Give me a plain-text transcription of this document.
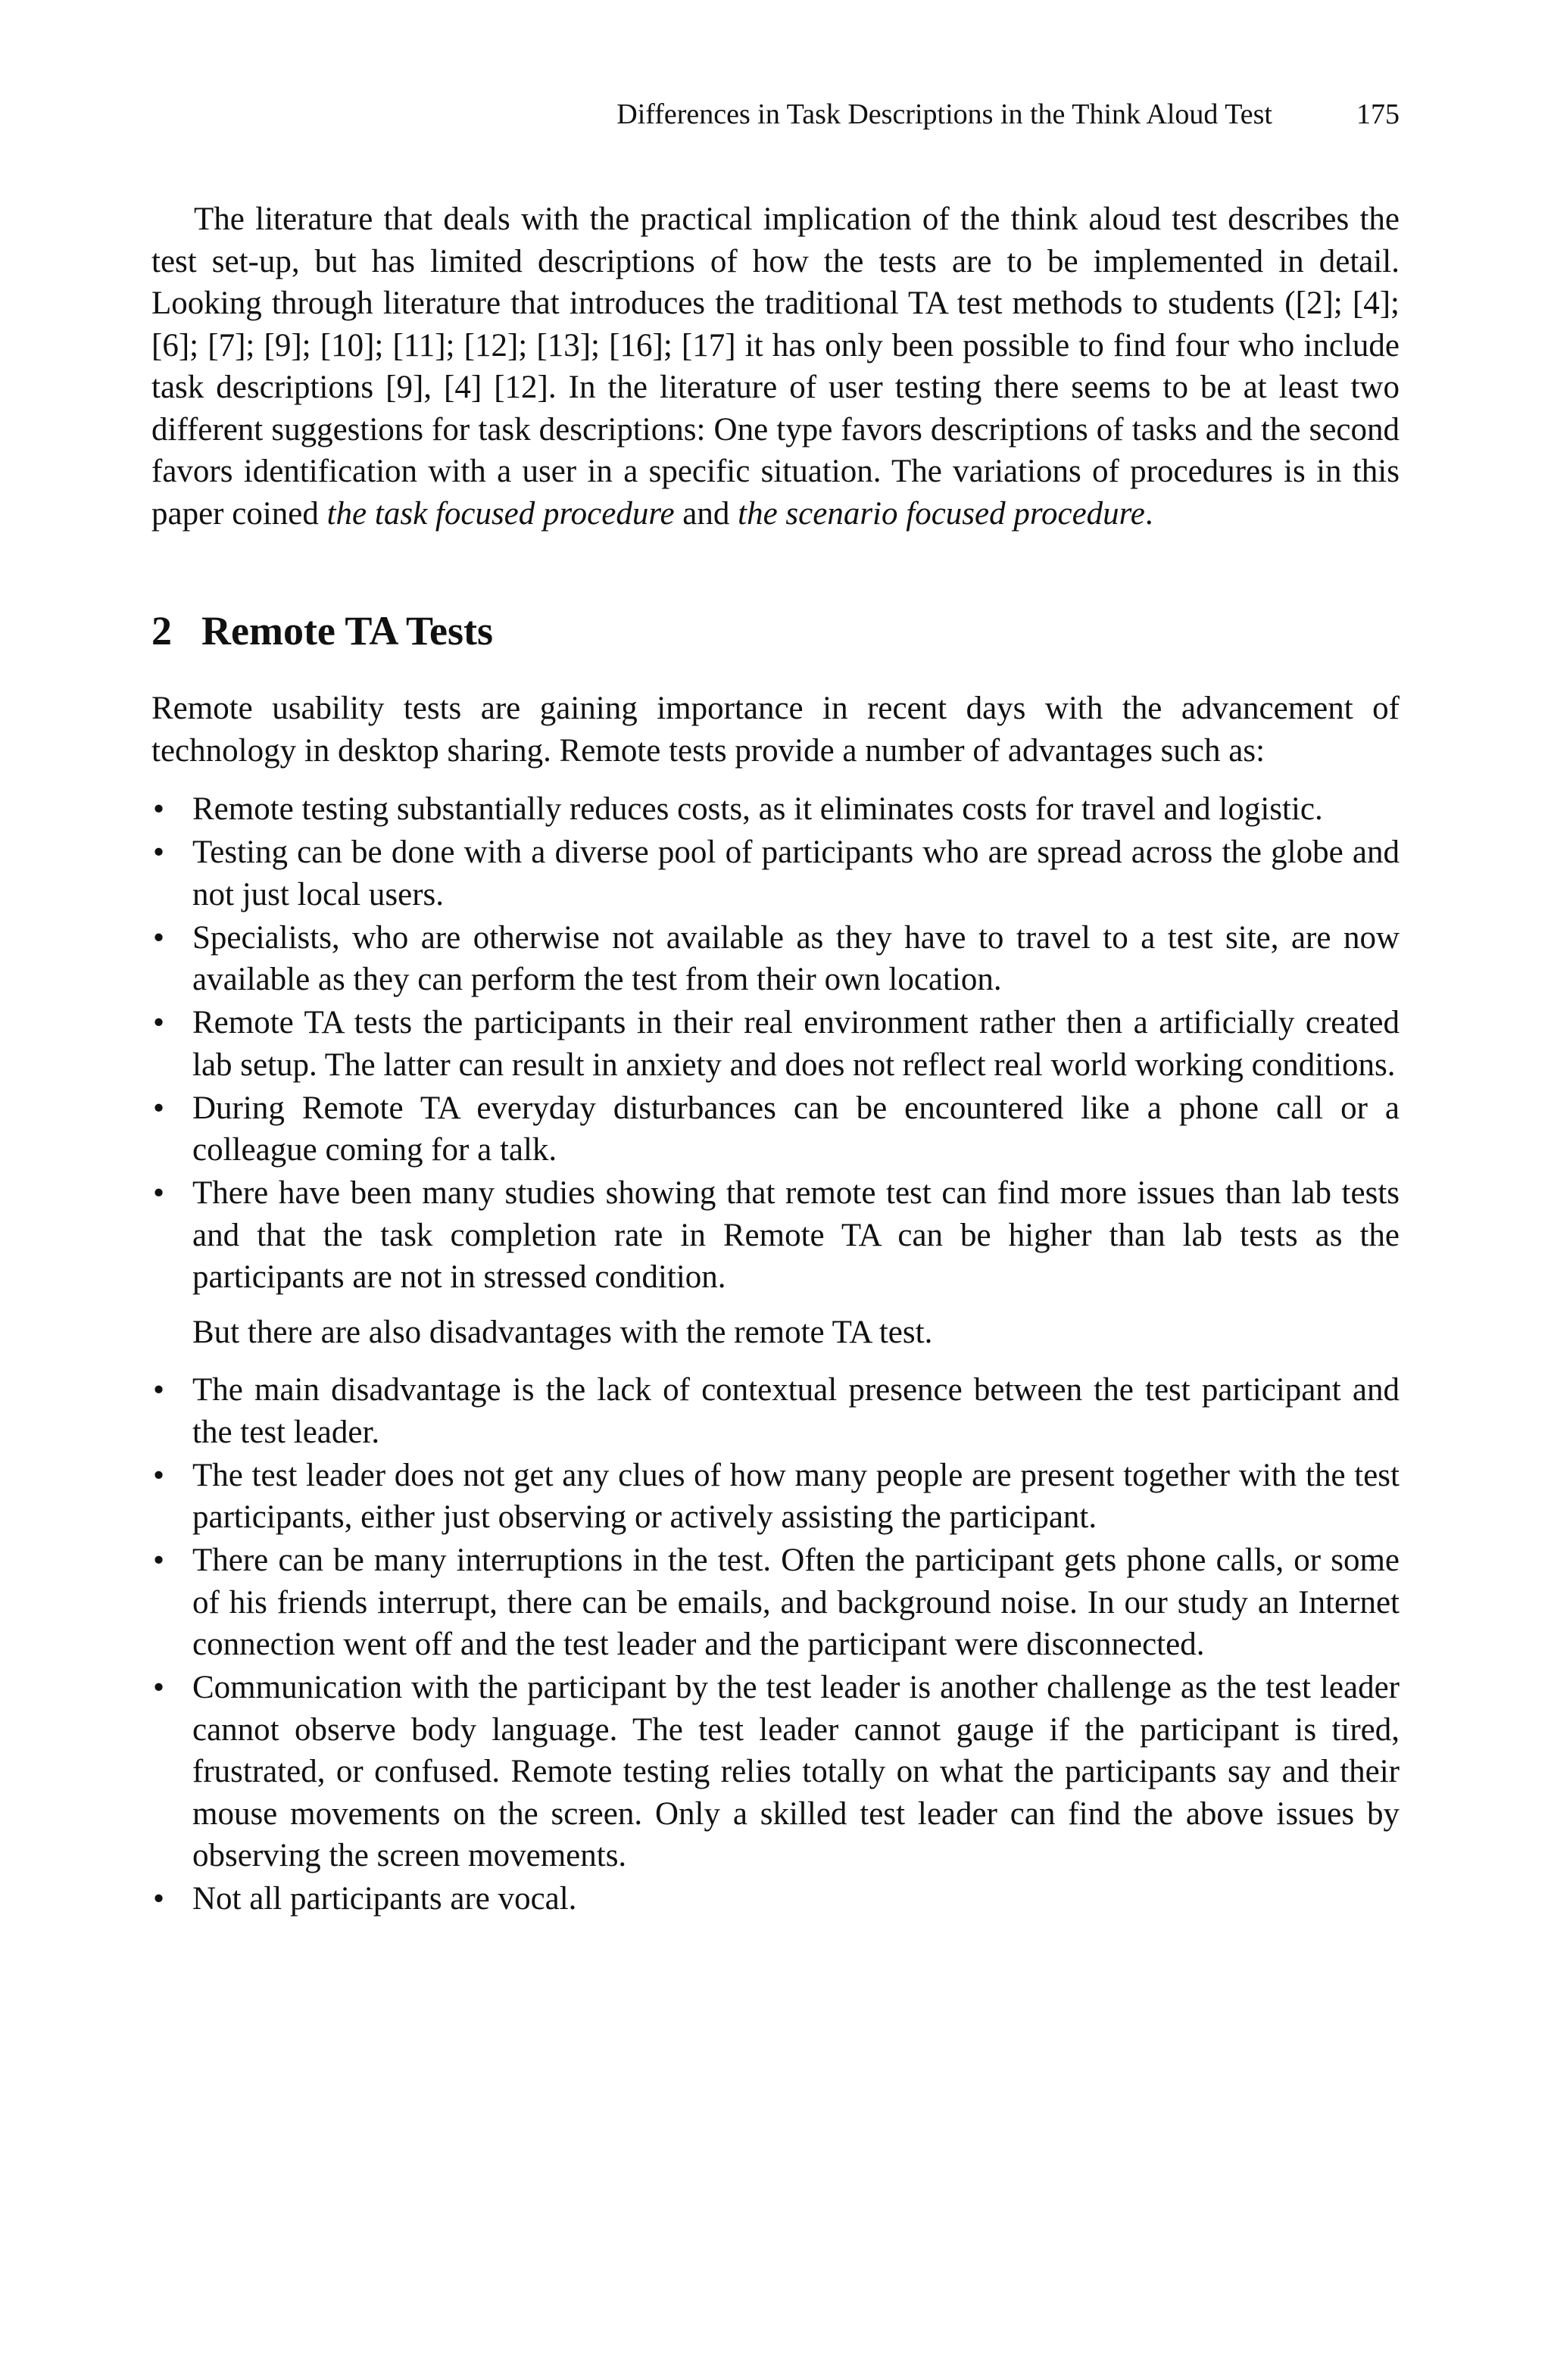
Differences in Task Descriptions in the Think Aloud Test	175

The literature that deals with the practical implication of the think aloud test describes the test set-up, but has limited descriptions of how the tests are to be implemented in detail. Looking through literature that introduces the traditional TA test methods to students ([2]; [4]; [6]; [7]; [9]; [10]; [11]; [12]; [13]; [16]; [17] it has only been possible to find four who include task descriptions [9], [4] [12]. In the literature of user testing there seems to be at least two different suggestions for task descriptions: One type favors descriptions of tasks and the second favors identification with a user in a specific situation. The variations of procedures is in this paper coined the task focused procedure and the scenario focused procedure.

2 Remote TA Tests

Remote usability tests are gaining importance in recent days with the advancement of technology in desktop sharing. Remote tests provide a number of advantages such as:

• Remote testing substantially reduces costs, as it eliminates costs for travel and logistic.
• Testing can be done with a diverse pool of participants who are spread across the globe and not just local users.
• Specialists, who are otherwise not available as they have to travel to a test site, are now available as they can perform the test from their own location.
• Remote TA tests the participants in their real environment rather then a artificially created lab setup. The latter can result in anxiety and does not reflect real world working conditions.
• During Remote TA everyday disturbances can be encountered like a phone call or a colleague coming for a talk.
• There have been many studies showing that remote test can find more issues than lab tests and that the task completion rate in Remote TA can be higher than lab tests as the participants are not in stressed condition.

But there are also disadvantages with the remote TA test.

• The main disadvantage is the lack of contextual presence between the test participant and the test leader.
• The test leader does not get any clues of how many people are present together with the test participants, either just observing or actively assisting the participant.
• There can be many interruptions in the test. Often the participant gets phone calls, or some of his friends interrupt, there can be emails, and background noise. In our study an Internet connection went off and the test leader and the participant were disconnected.
• Communication with the participant by the test leader is another challenge as the test leader cannot observe body language. The test leader cannot gauge if the participant is tired, frustrated, or confused. Remote testing relies totally on what the participants say and their mouse movements on the screen. Only a skilled test leader can find the above issues by observing the screen movements.
• Not all participants are vocal.
